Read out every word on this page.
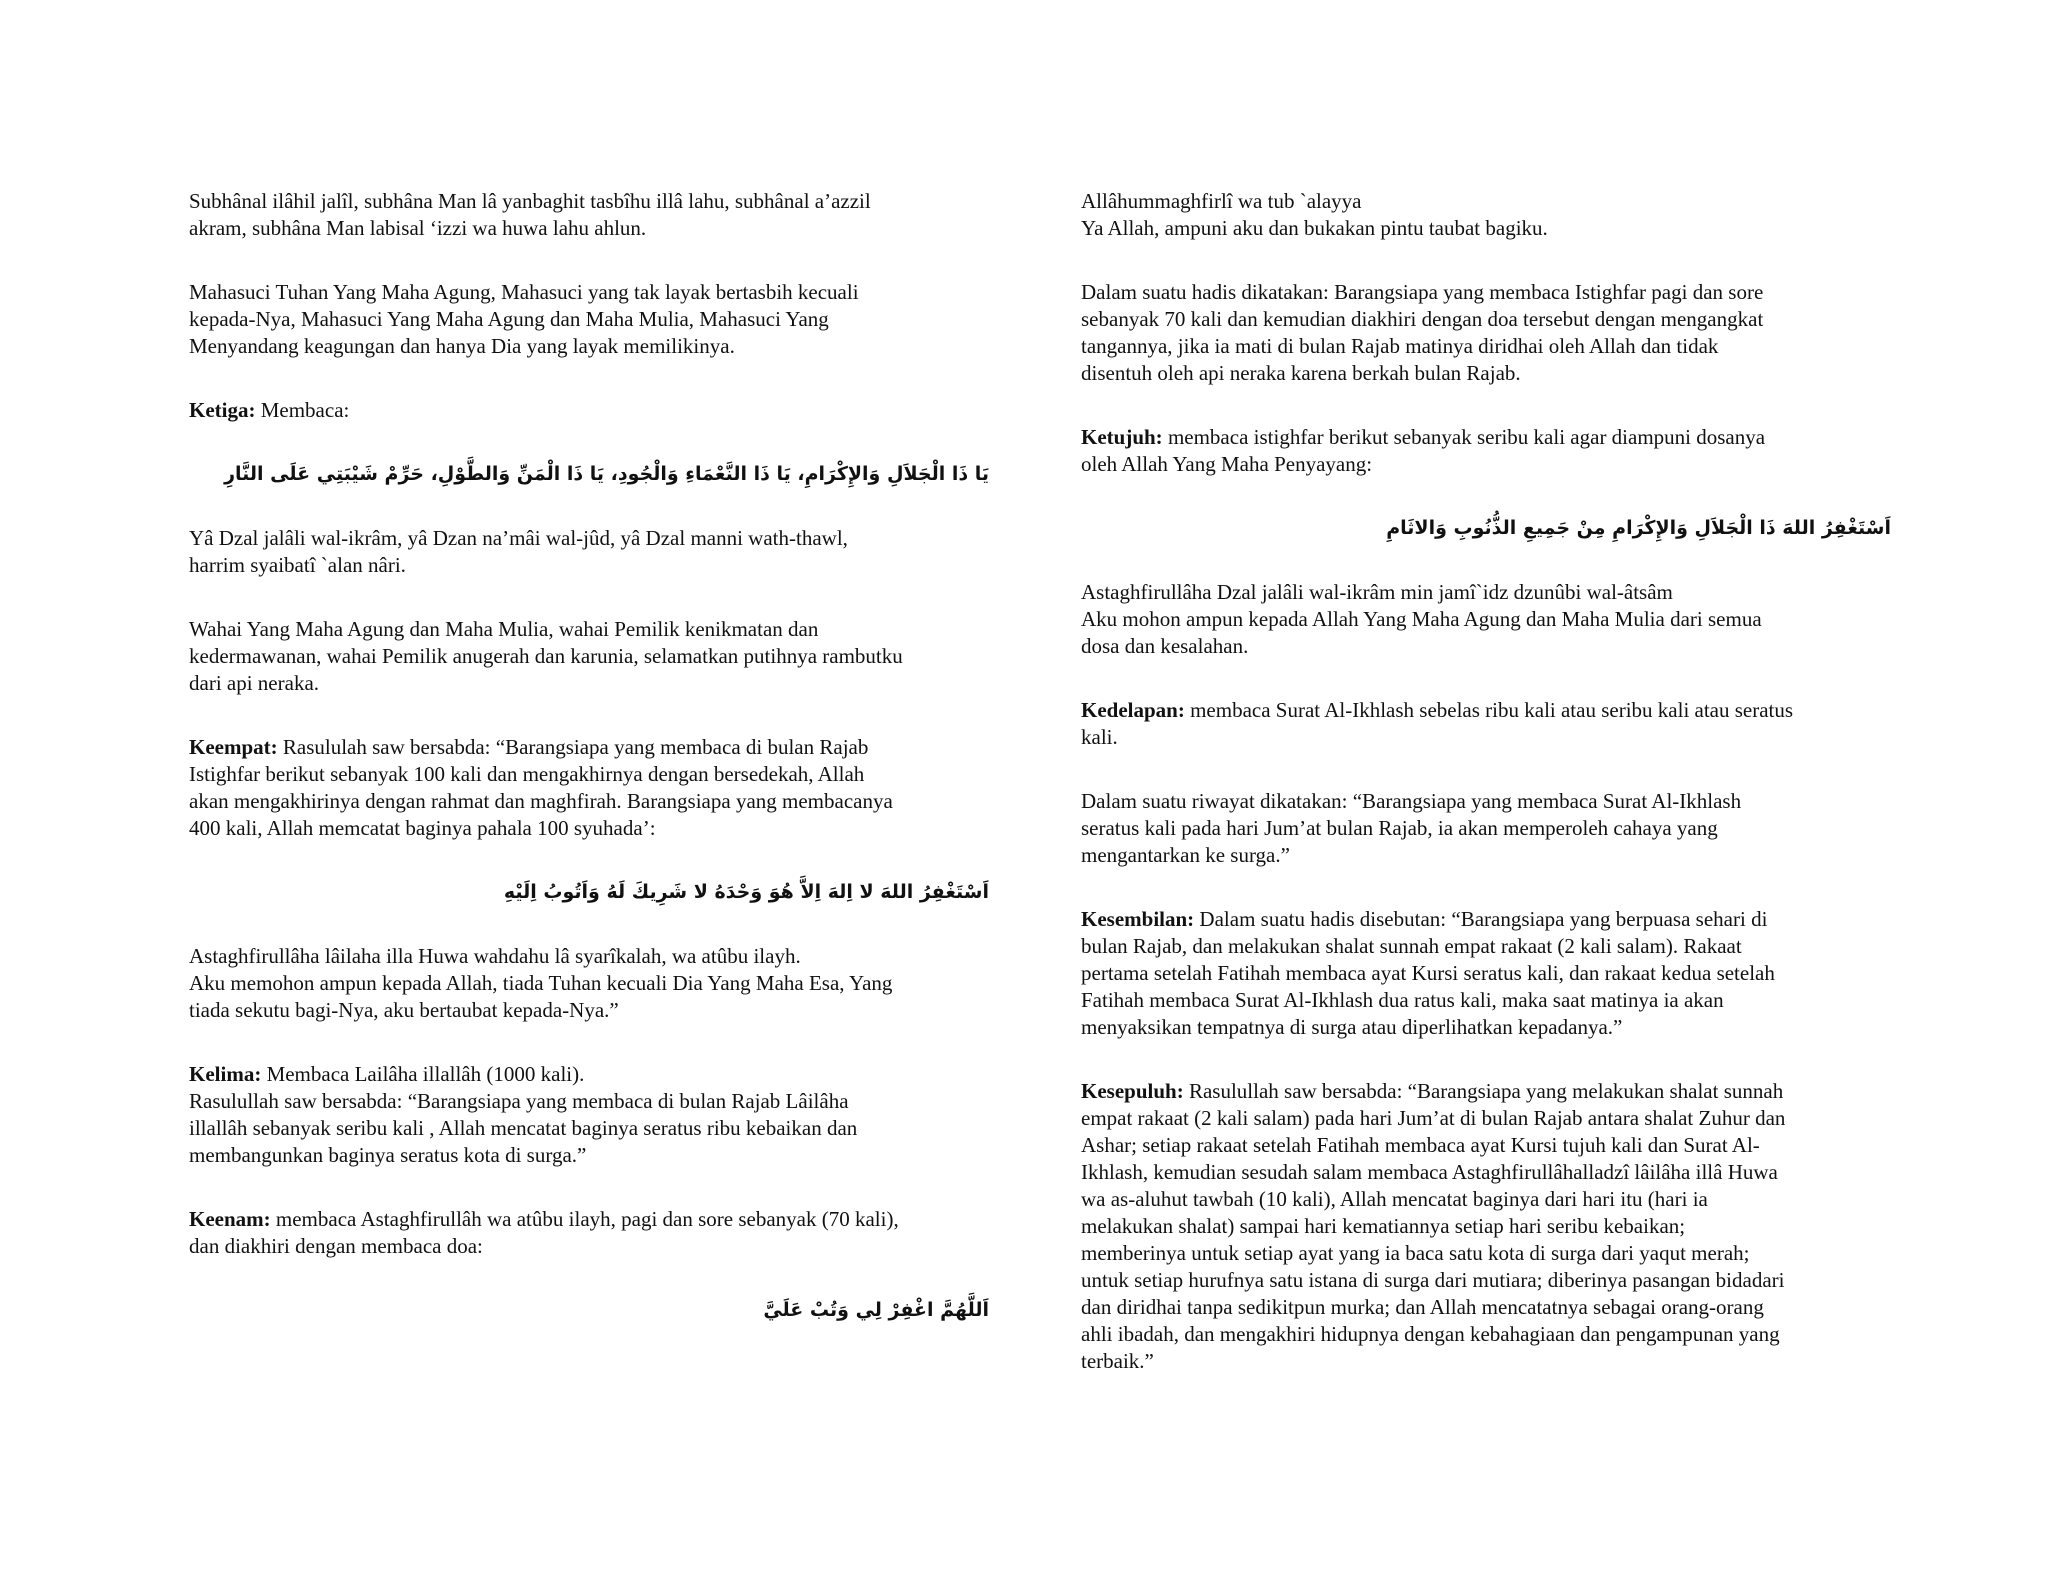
Subhânal ilâhil jalîl, subhâna Man lâ yanbaghit tasbîhu illâ lahu, subhânal a’azzil
akram, subhâna Man labisal ‘izzi wa huwa lahu ahlun.
Mahasuci Tuhan Yang Maha Agung, Mahasuci yang tak layak bertasbih kecuali
kepada-Nya, Mahasuci Yang Maha Agung dan Maha Mulia, Mahasuci Yang
Menyandang keagungan dan hanya Dia yang layak memilikinya.
Ketiga: Membaca:
يَا ذَا الْجَلاَلِ وَالإِكْرَامِ، يَا ذَا النَّعْمَاءِ وَالْجُودِ، يَا ذَا الْمَنِّ وَالطَّوْلِ، حَرِّمْ شَيْبَتِي عَلَى النَّارِ
Yâ Dzal jalâli wal-ikrâm, yâ Dzan na’mâi wal-jûd, yâ Dzal manni wath-thawl,
harrim syaibatî `alan nâri.
Wahai Yang Maha Agung dan Maha Mulia, wahai Pemilik kenikmatan dan
kedermawanan, wahai Pemilik anugerah dan karunia, selamatkan putihnya rambutku
dari api neraka.
Keempat: Rasululah saw bersabda: “Barangsiapa yang membaca di bulan Rajab
Istighfar berikut sebanyak 100 kali dan mengakhirnya dengan bersedekah, Allah
akan mengakhirinya dengan rahmat dan maghfirah. Barangsiapa yang membacanya
400 kali, Allah memcatat baginya pahala 100 syuhada’:
اَسْتَغْفِرُ اللهَ لا اِلهَ اِلاَّ هُوَ وَحْدَهُ لا شَرِيكَ لَهُ وَاَتُوبُ اِلَيْهِ
Astaghfirullâha lâilaha illa Huwa wahdahu lâ syarîkalah, wa atûbu ilayh.
Aku memohon ampun kepada Allah, tiada Tuhan kecuali Dia Yang Maha Esa, Yang
tiada sekutu bagi-Nya, aku bertaubat kepada-Nya.”
Kelima: Membaca Lailâha illallâh (1000 kali).
Rasulullah saw bersabda: “Barangsiapa yang membaca di bulan Rajab Lâilâha
illallâh sebanyak seribu kali , Allah mencatat baginya seratus ribu kebaikan dan
membangunkan baginya seratus kota di surga.”
Keenam: membaca Astaghfirullâh wa atûbu ilayh, pagi dan sore sebanyak (70 kali),
dan diakhiri dengan membaca doa:
اَللَّهُمَّ اغْفِرْ لِي وَتُبْ عَلَيَّ
Allâhummaghfirlî wa tub `alayya
Ya Allah, ampuni aku dan bukakan pintu taubat bagiku.
Dalam suatu hadis dikatakan: Barangsiapa yang membaca Istighfar pagi dan sore
sebanyak 70 kali dan kemudian diakhiri dengan doa tersebut dengan mengangkat
tangannya, jika ia mati di bulan Rajab matinya diridhai oleh Allah dan tidak
disentuh oleh api neraka karena berkah bulan Rajab.
Ketujuh: membaca istighfar berikut sebanyak seribu kali agar diampuni dosanya
oleh Allah Yang Maha Penyayang:
اَسْتَغْفِرُ اللهَ ذَا الْجَلاَلِ وَالإِكْرَامِ مِنْ جَمِيعِ الذُّنُوبِ وَالاثَامِ
Astaghfirullâha Dzal jalâli wal-ikrâm min jamî`idz dzunûbi wal-âtsâm
Aku mohon ampun kepada Allah Yang Maha Agung dan Maha Mulia dari semua
dosa dan kesalahan.
Kedelapan: membaca Surat Al-Ikhlash sebelas ribu kali atau seribu kali atau seratus
kali.
Dalam suatu riwayat dikatakan: “Barangsiapa yang membaca Surat Al-Ikhlash
seratus kali pada hari Jum’at bulan Rajab, ia akan memperoleh cahaya yang
mengantarkan ke surga.”
Kesembilan: Dalam suatu hadis disebutan: “Barangsiapa yang berpuasa sehari di
bulan Rajab, dan melakukan shalat sunnah empat rakaat (2 kali salam). Rakaat
pertama setelah Fatihah membaca ayat Kursi seratus kali, dan rakaat kedua setelah
Fatihah membaca Surat Al-Ikhlash dua ratus kali, maka saat matinya ia akan
menyaksikan tempatnya di surga atau diperlihatkan kepadanya.”
Kesepuluh: Rasulullah saw bersabda: “Barangsiapa yang melakukan shalat sunnah
empat rakaat (2 kali salam) pada hari Jum’at di bulan Rajab antara shalat Zuhur dan
Ashar; setiap rakaat setelah Fatihah membaca ayat Kursi tujuh kali dan Surat Al-
Ikhlash, kemudian sesudah salam membaca Astaghfirullâhalladzî lâilâha illâ Huwa
wa as-aluhut tawbah (10 kali), Allah mencatat baginya dari hari itu (hari ia
melakukan shalat) sampai hari kematiannya setiap hari seribu kebaikan;
memberinya untuk setiap ayat yang ia baca satu kota di surga dari yaqut merah;
untuk setiap hurufnya satu istana di surga dari mutiara; diberinya pasangan bidadari
dan diridhai tanpa sedikitpun murka; dan Allah mencatatnya sebagai orang-orang
ahli ibadah, dan mengakhiri hidupnya dengan kebahagiaan dan pengampunan yang
terbaik.”
